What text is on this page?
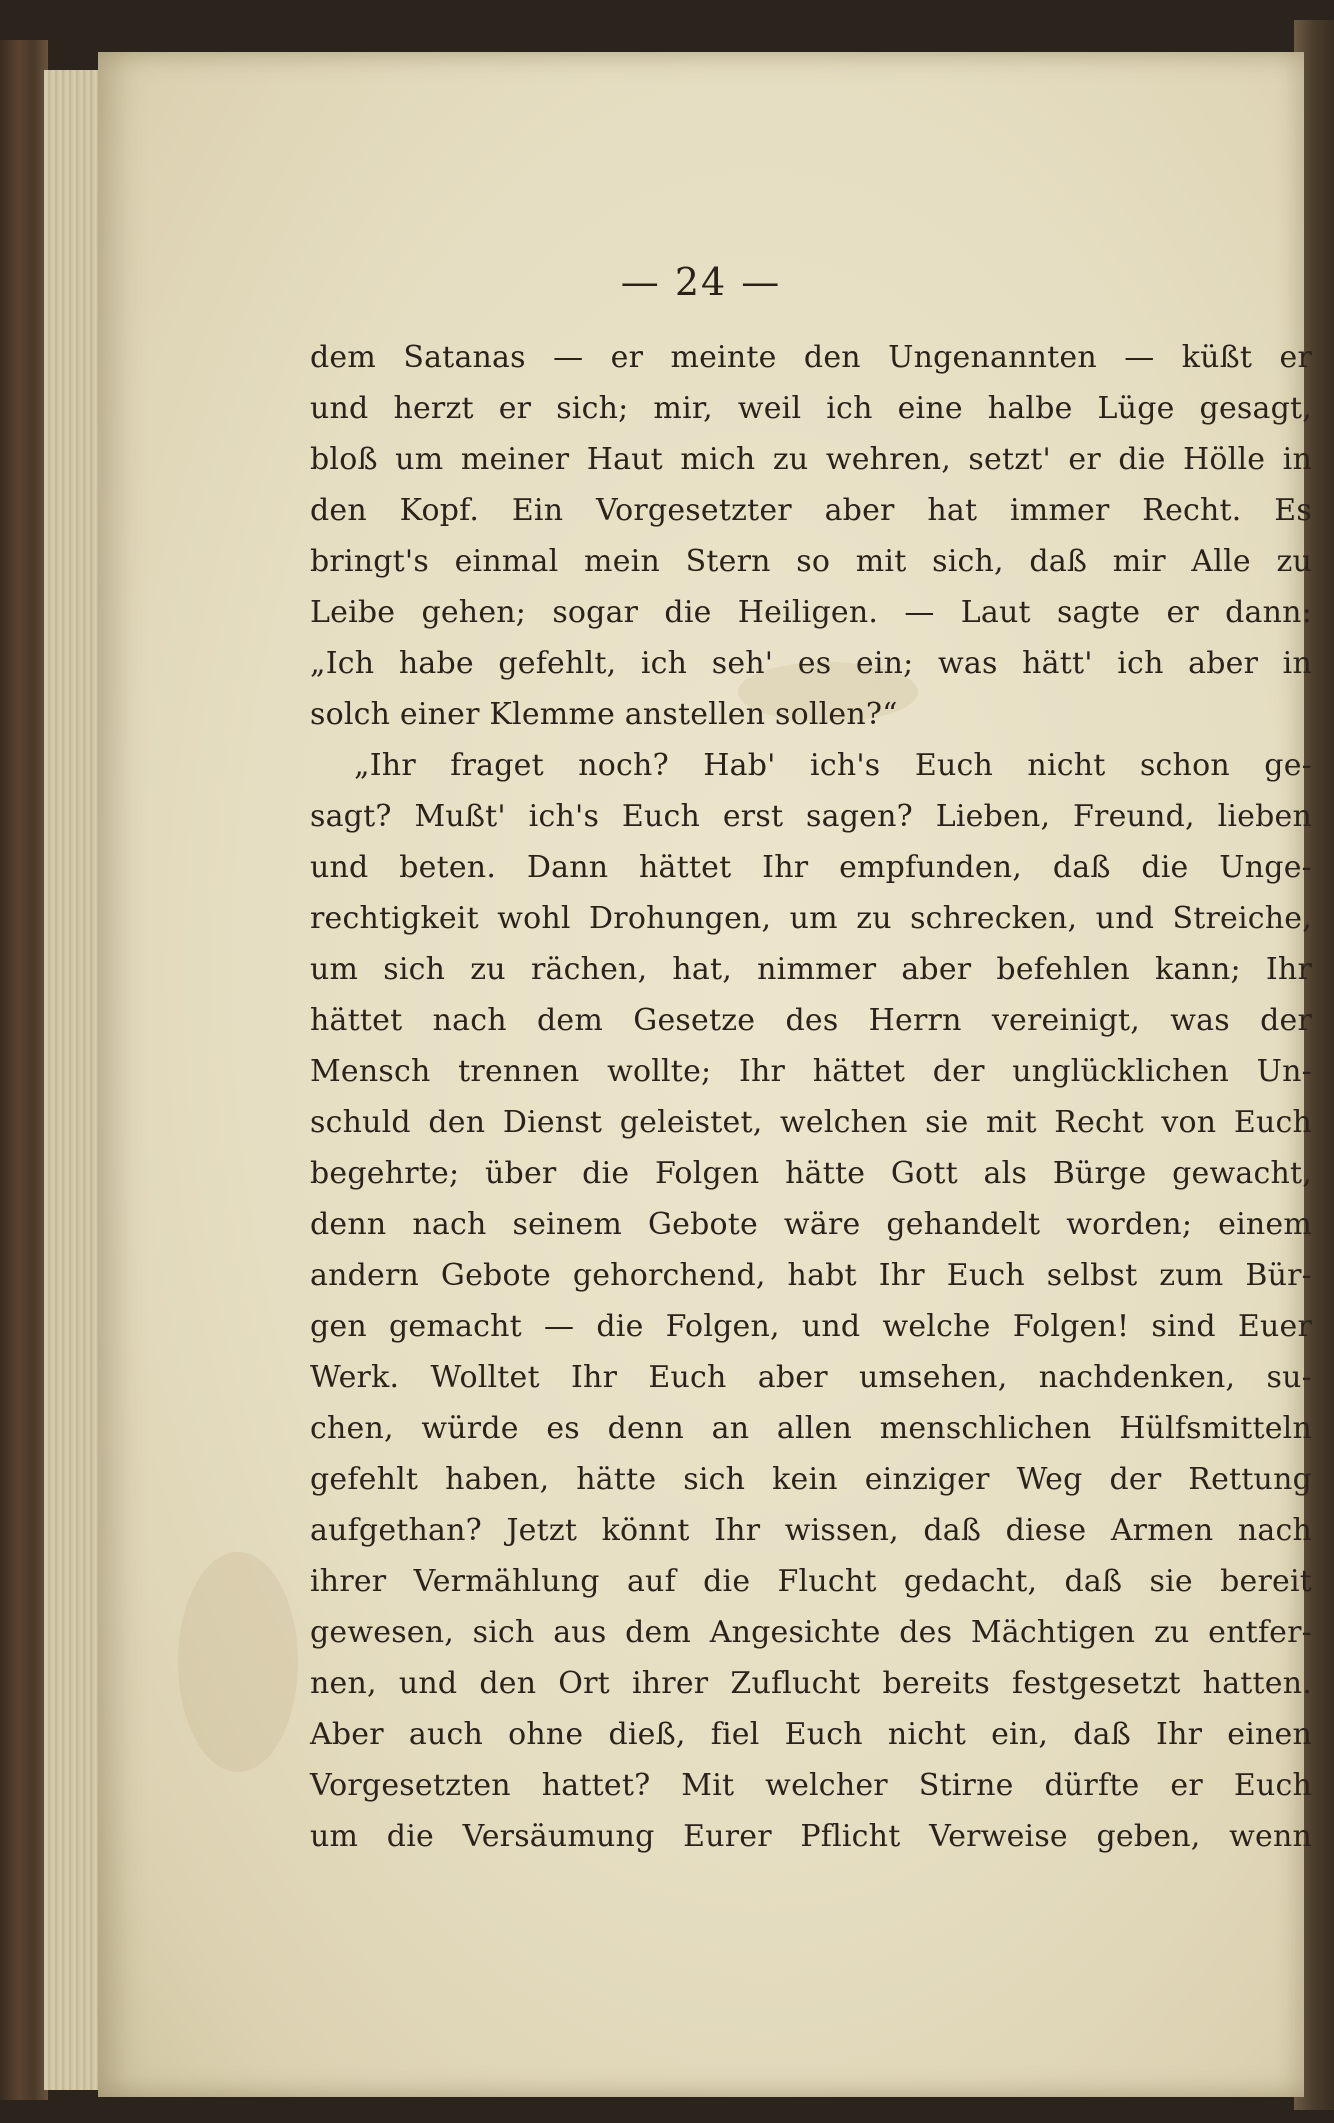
— 24 —
dem Satanas — er meinte den Ungenannten — küßt er
und herzt er sich; mir, weil ich eine halbe Lüge gesagt,
bloß um meiner Haut mich zu wehren, setzt' er die Hölle in
den Kopf. Ein Vorgesetzter aber hat immer Recht. Es
bringt's einmal mein Stern so mit sich, daß mir Alle zu
Leibe gehen; sogar die Heiligen. — Laut sagte er dann:
„Ich habe gefehlt, ich seh' es ein; was hätt' ich aber in
solch einer Klemme anstellen sollen?“
„Ihr fraget noch? Hab' ich's Euch nicht schon ge-
sagt? Mußt' ich's Euch erst sagen? Lieben, Freund, lieben
und beten. Dann hättet Ihr empfunden, daß die Unge-
rechtigkeit wohl Drohungen, um zu schrecken, und Streiche,
um sich zu rächen, hat, nimmer aber befehlen kann; Ihr
hättet nach dem Gesetze des Herrn vereinigt, was der
Mensch trennen wollte; Ihr hättet der unglücklichen Un-
schuld den Dienst geleistet, welchen sie mit Recht von Euch
begehrte; über die Folgen hätte Gott als Bürge gewacht,
denn nach seinem Gebote wäre gehandelt worden; einem
andern Gebote gehorchend, habt Ihr Euch selbst zum Bür-
gen gemacht — die Folgen, und welche Folgen! sind Euer
Werk. Wolltet Ihr Euch aber umsehen, nachdenken, su-
chen, würde es denn an allen menschlichen Hülfsmitteln
gefehlt haben, hätte sich kein einziger Weg der Rettung
aufgethan? Jetzt könnt Ihr wissen, daß diese Armen nach
ihrer Vermählung auf die Flucht gedacht, daß sie bereit
gewesen, sich aus dem Angesichte des Mächtigen zu entfer-
nen, und den Ort ihrer Zuflucht bereits festgesetzt hatten.
Aber auch ohne dieß, fiel Euch nicht ein, daß Ihr einen
Vorgesetzten hattet? Mit welcher Stirne dürfte er Euch
um die Versäumung Eurer Pflicht Verweise geben, wenn
